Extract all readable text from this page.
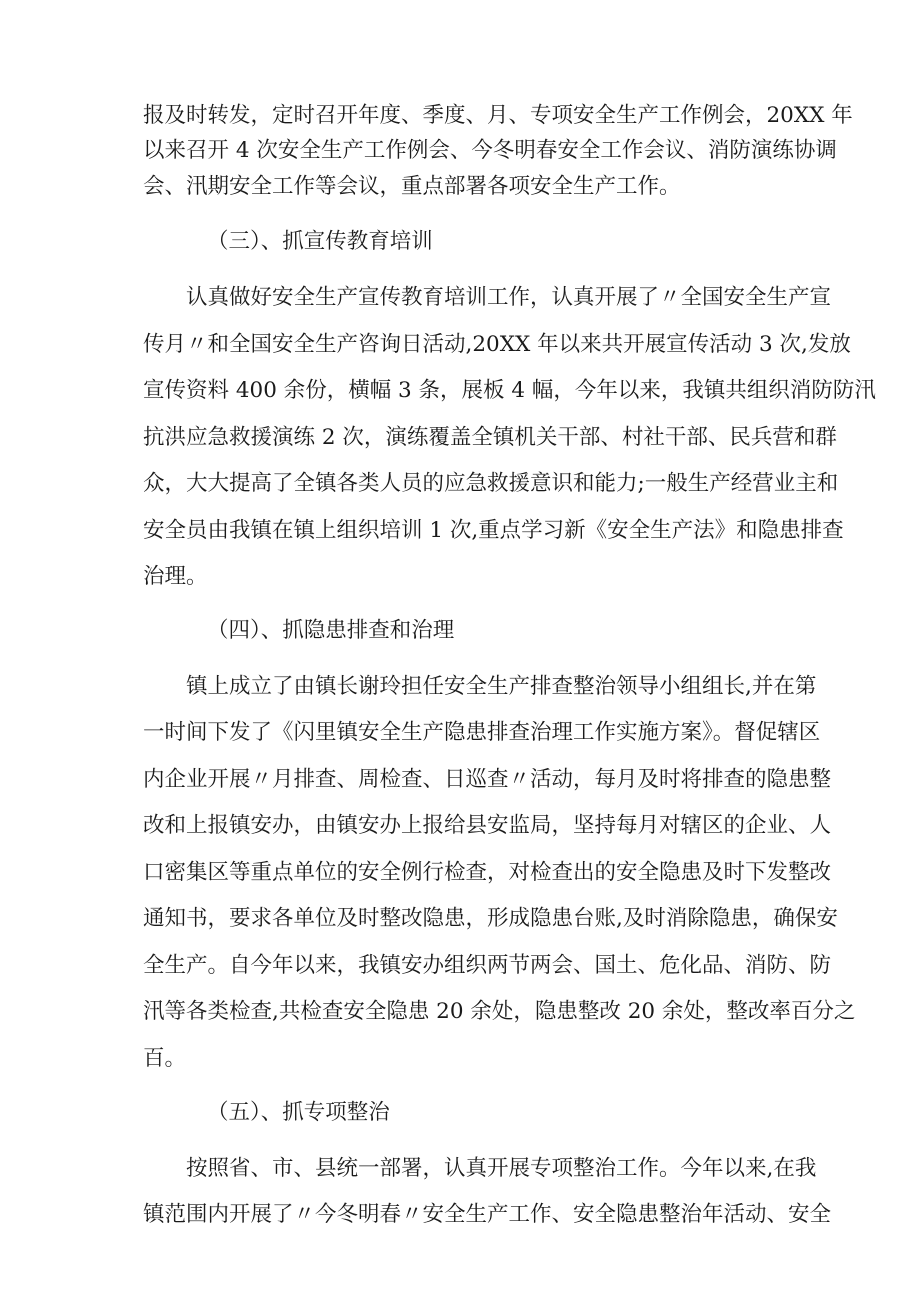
报及时转发，定时召开年度、季度、月、专项安全生产工作例会，20XX 年
以来召开 4 次安全生产工作例会、今冬明春安全工作会议、消防演练协调
会、汛期安全工作等会议，重点部署各项安全生产工作。
（三）、抓宣传教育培训
认真做好安全生产宣传教育培训工作，认真开展了〃全国安全生产宣
传月〃和全国安全生产咨询日活动,20XX 年以来共开展宣传活动 3 次,发放
宣传资料 400 余份，横幅 3 条，展板 4 幅，今年以来，我镇共组织消防防汛
抗洪应急救援演练 2 次，演练覆盖全镇机关干部、村社干部、民兵营和群
众，大大提高了全镇各类人员的应急救援意识和能力;一般生产经营业主和
安全员由我镇在镇上组织培训 1 次,重点学习新《安全生产法》和隐患排查
治理。
（四）、抓隐患排查和治理
镇上成立了由镇长谢玲担任安全生产排查整治领导小组组长,并在第
一时间下发了《闪里镇安全生产隐患排查治理工作实施方案》。督促辖区
内企业开展〃月排查、周检查、日巡查〃活动，每月及时将排查的隐患整
改和上报镇安办，由镇安办上报给县安监局，坚持每月对辖区的企业、人
口密集区等重点单位的安全例行检查，对检查出的安全隐患及时下发整改
通知书，要求各单位及时整改隐患，形成隐患台账,及时消除隐患，确保安
全生产。自今年以来，我镇安办组织两节两会、国土、危化品、消防、防
汛等各类检查,共检查安全隐患 20 余处，隐患整改 20 余处，整改率百分之
百。
（五）、抓专项整治
按照省、市、县统一部署，认真开展专项整治工作。今年以来,在我
镇范围内开展了〃今冬明春〃安全生产工作、安全隐患整治年活动、安全
